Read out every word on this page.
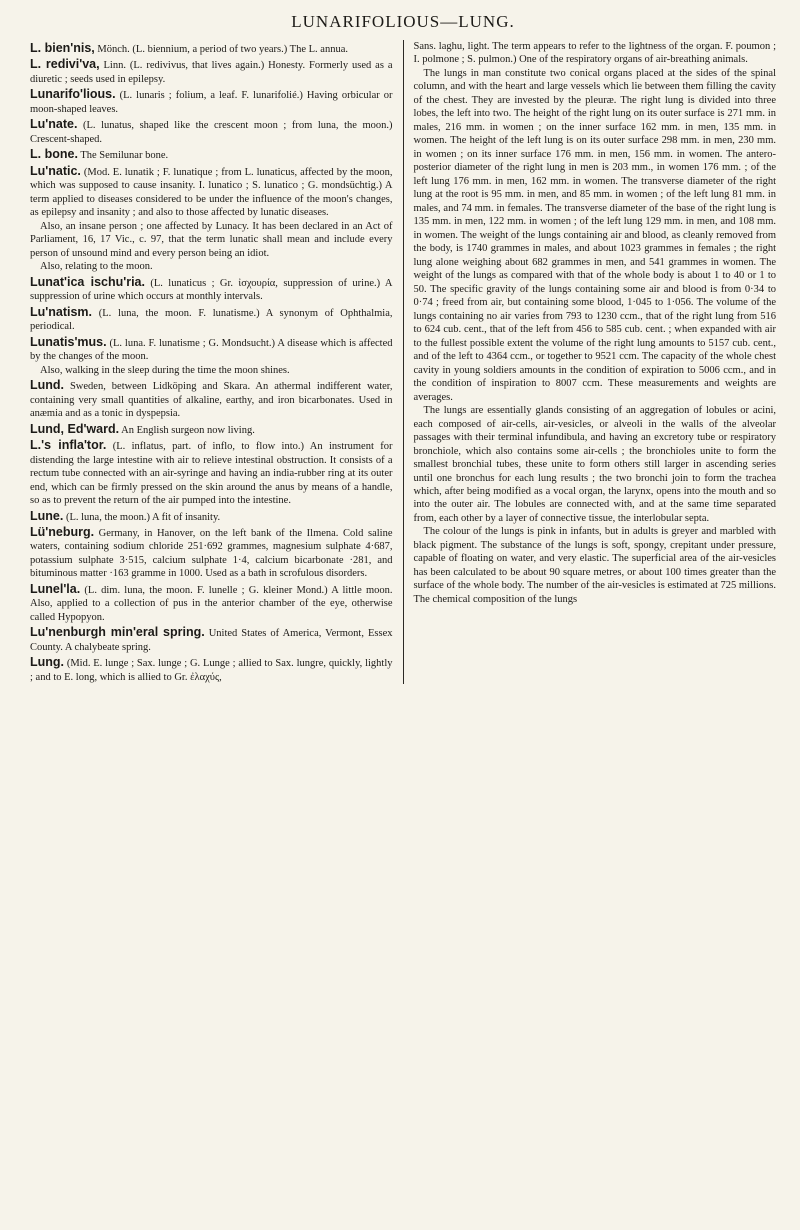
LUNARIFOLIOUS—LUNG.

L. bien'nis, Mönch. (L. biennium, a period of two years.) The L. annua.

L. redivi'va, Linn. (L. redivivus, that lives again.) Honesty. Formerly used as a diuretic ; seeds used in epilepsy.

Lunarifo'lious. (L. lunaris ; folium, a leaf. F. lunarifolié.) Having orbicular or moon-shaped leaves.

Lu'nate. (L. lunatus, shaped like the crescent moon ; from luna, the moon.) Crescent-shaped.

L. bone. The Semilunar bone.

Lu'natic. (Mod. E. lunatik ; F. lunatique ; from L. lunaticus, affected by the moon, which was supposed to cause insanity. I. lunatico ; S. lunatico ; G. mondsüchtig.) A term applied to diseases considered to be under the influence of the moon's changes, as epilepsy and insanity ; and also to those affected by lunatic diseases.

Also, an insane person ; one affected by Lunacy. It has been declared in an Act of Parliament, 16, 17 Vic., c. 97, that the term lunatic shall mean and include every person of unsound mind and every person being an idiot.

Also, relating to the moon.

Lunat'ica ischu'ria. (L. lunaticus ; Gr. ἰσχουρία, suppression of urine.) A suppression of urine which occurs at monthly intervals.

Lu'natism. (L. luna, the moon. F. lunatisme.) A synonym of Ophthalmia, periodical.

Lunatis'mus. (L. luna. F. lunatisme ; G. Mondsucht.) A disease which is affected by the changes of the moon.

Also, walking in the sleep during the time the moon shines.

Lund. Sweden, between Lidköping and Skara. An athermal indifferent water, containing very small quantities of alkaline, earthy, and iron bicarbonates. Used in anæmia and as a tonic in dyspepsia.

Lund, Ed'ward. An English surgeon now living.

L.'s infla'tor. (L. inflatus, part. of inflo, to flow into.) An instrument for distending the large intestine with air to relieve intestinal obstruction. It consists of a rectum tube connected with an air-syringe and having an india-rubber ring at its outer end, which can be firmly pressed on the skin around the anus by means of a handle, so as to prevent the return of the air pumped into the intestine.

Lune. (L. luna, the moon.) A fit of insanity.

Lü'neburg. Germany, in Hanover, on the left bank of the Ilmena. Cold saline waters, containing sodium chloride 251·692 grammes, magnesium sulphate 4·687, potassium sulphate 3·515, calcium sulphate 1·4, calcium bicarbonate ·281, and bituminous matter ·163 gramme in 1000. Used as a bath in scrofulous disorders.

Lunel'la. (L. dim. luna, the moon. F. lunelle ; G. kleiner Mond.) A little moon. Also, applied to a collection of pus in the anterior chamber of the eye, otherwise called Hypopyon.

Lu'nenburgh min'eral spring. United States of America, Vermont, Essex County. A chalybeate spring.

Lung. (Mid. E. lunge ; Sax. lunge ; G. Lunge ; allied to Sax. lungre, quickly, lightly ; and to E. long, which is allied to Gr. ἐλαχύς,

Sans. laghu, light. The term appears to refer to the lightness of the organ. F. poumon ; I. polmone ; S. pulmon.) One of the respiratory organs of air-breathing animals.

The lungs in man constitute two conical organs placed at the sides of the spinal column, and with the heart and large vessels which lie between them filling the cavity of the chest. They are invested by the pleuræ. The right lung is divided into three lobes, the left into two. The height of the right lung on its outer surface is 271 mm. in males, 216 mm. in women ; on the inner surface 162 mm. in men, 135 mm. in women. The height of the left lung is on its outer surface 298 mm. in men, 230 mm. in women ; on its inner surface 176 mm. in men, 156 mm. in women. The antero-posterior diameter of the right lung in men is 203 mm., in women 176 mm. ; of the left lung 176 mm. in men, 162 mm. in women. The transverse diameter of the right lung at the root is 95 mm. in men, and 85 mm. in women ; of the left lung 81 mm. in males, and 74 mm. in females. The transverse diameter of the base of the right lung is 135 mm. in men, 122 mm. in women ; of the left lung 129 mm. in men, and 108 mm. in women. The weight of the lungs containing air and blood, as cleanly removed from the body, is 1740 grammes in males, and about 1023 grammes in females ; the right lung alone weighing about 682 grammes in men, and 541 grammes in women. The weight of the lungs as compared with that of the whole body is about 1 to 40 or 1 to 50. The specific gravity of the lungs containing some air and blood is from 0·34 to 0·74 ; freed from air, but containing some blood, 1·045 to 1·056. The volume of the lungs containing no air varies from 793 to 1230 ccm., that of the right lung from 516 to 624 cub. cent., that of the left from 456 to 585 cub. cent. ; when expanded with air to the fullest possible extent the volume of the right lung amounts to 5157 cub. cent., and of the left to 4364 ccm., or together to 9521 ccm. The capacity of the whole chest cavity in young soldiers amounts in the condition of expiration to 5006 ccm., and in the condition of inspiration to 8007 ccm. These measurements and weights are averages.

The lungs are essentially glands consisting of an aggregation of lobules or acini, each composed of air-cells, air-vesicles, or alveoli in the walls of the alveolar passages with their terminal infundibula, and having an excretory tube or respiratory bronchiole, which also contains some air-cells ; the bronchioles unite to form the smallest bronchial tubes, these unite to form others still larger in ascending series until one bronchus for each lung results ; the two bronchi join to form the trachea which, after being modified as a vocal organ, the larynx, opens into the mouth and so into the outer air. The lobules are connected with, and at the same time separated from, each other by a layer of connective tissue, the interlobular septa.

The colour of the lungs is pink in infants, but in adults is greyer and marbled with black pigment. The substance of the lungs is soft, spongy, crepitant under pressure, capable of floating on water, and very elastic. The superficial area of the air-vesicles has been calculated to be about 90 square metres, or about 100 times greater than the surface of the whole body. The number of the air-vesicles is estimated at 725 millions. The chemical composition of the lungs
